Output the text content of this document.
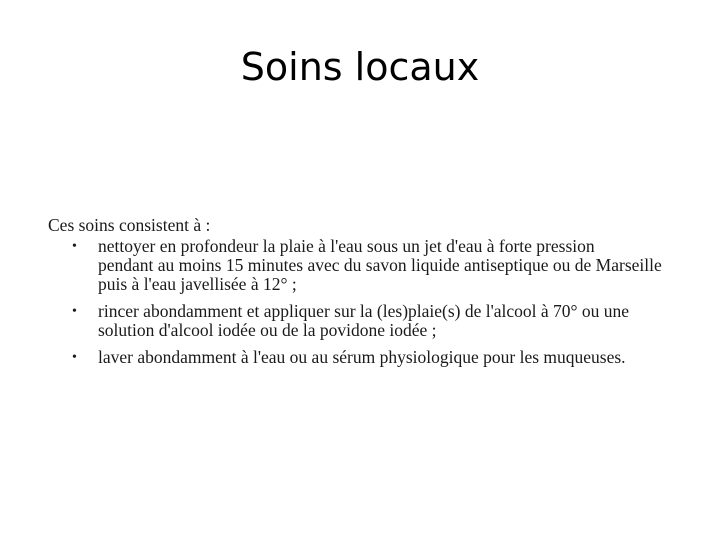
Soins locaux
Ces soins consistent à :
• nettoyer en profondeur la plaie à l'eau sous un jet d'eau à forte pression
pendant au moins 15 minutes avec du savon liquide antiseptique ou de Marseille
puis à l'eau javellisée à 12° ;
• rincer abondamment et appliquer sur la (les)plaie(s) de l'alcool à 70° ou une
solution d'alcool iodée ou de la povidone iodée ;
• laver abondamment à l'eau ou au sérum physiologique pour les muqueuses.
